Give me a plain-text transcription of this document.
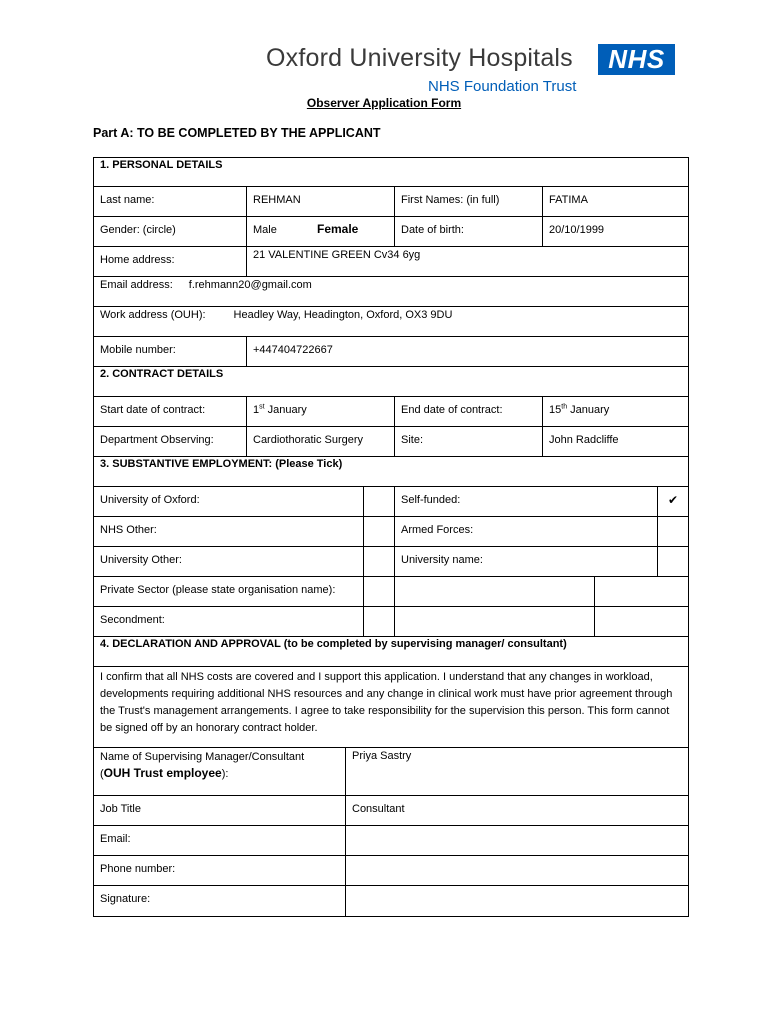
Oxford University Hospitals
NHS Foundation Trust
NHS
Observer Application Form
Part A: TO BE COMPLETED BY THE APPLICANT
1. PERSONAL DETAILS
Last name:	REHMAN	First Names: (in full)	FATIMA
Gender: (circle)	Male	Female	Date of birth:	20/10/1999
Home address:	21 VALENTINE GREEN Cv34 6yg
Email address: f.rehmann20@gmail.com
Work address (OUH):	Headley Way, Headington, Oxford, OX3 9DU
Mobile number:	+447404722667
2. CONTRACT DETAILS
Start date of contract:	1st January	End date of contract:	15th January
Department Observing:	Cardiothoratic Surgery	Site:	John Radcliffe
3. SUBSTANTIVE EMPLOYMENT: (Please Tick)
University of Oxford:	Self-funded:	✔
NHS Other:	Armed Forces:
University Other:	University name:
Private Sector (please state organisation name):
Secondment:
4. DECLARATION AND APPROVAL (to be completed by supervising manager/ consultant)
I confirm that all NHS costs are covered and I support this application. I understand that any changes in workload, developments requiring additional NHS resources and any change in clinical work must have prior agreement through the Trust's management arrangements. I agree to take responsibility for the supervision this person. This form cannot be signed off by an honorary contract holder.
Name of Supervising Manager/Consultant
(OUH Trust employee):
Priya Sastry
Job Title	Consultant
Email:
Phone number:
Signature:
